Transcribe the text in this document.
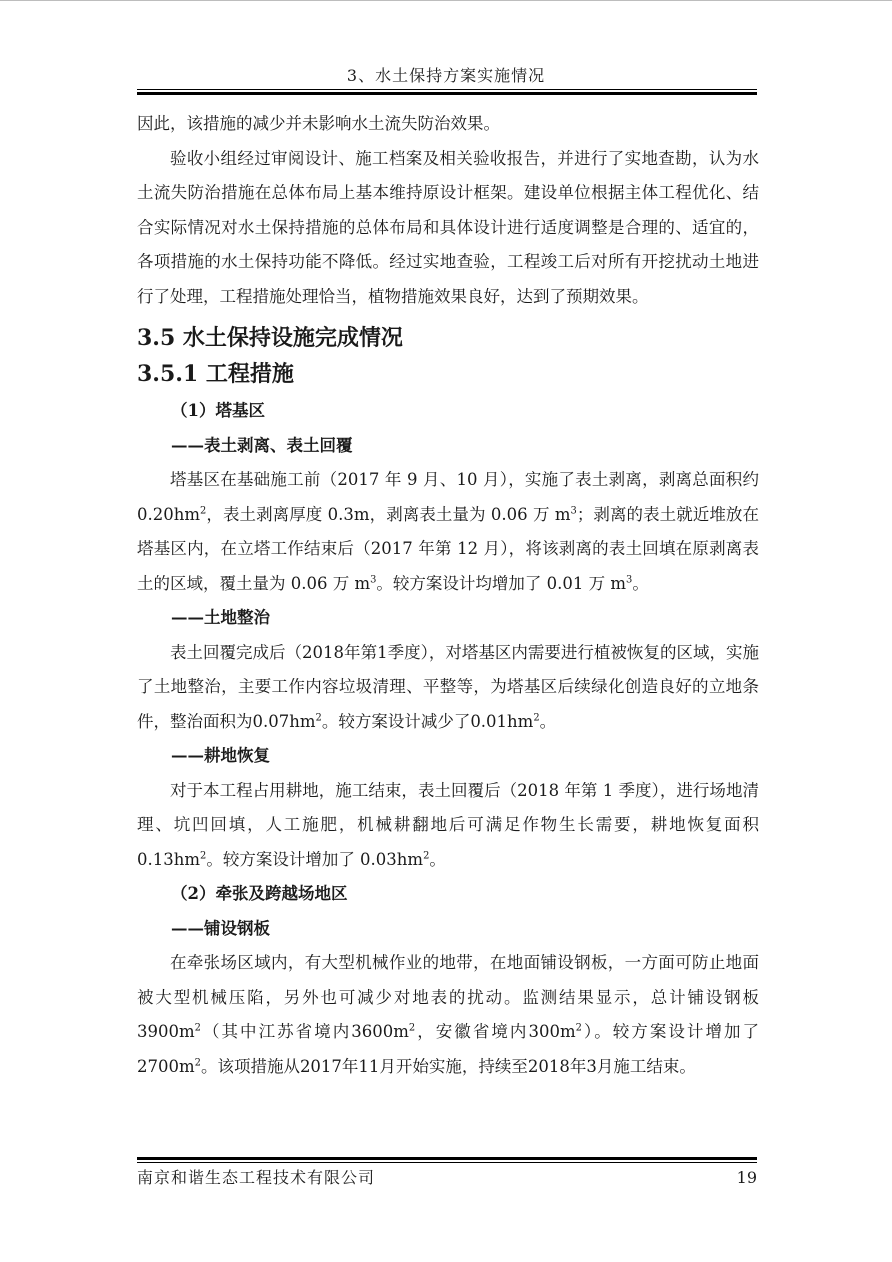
3、水土保持方案实施情况

因此，该措施的减少并未影响水土流失防治效果。

验收小组经过审阅设计、施工档案及相关验收报告，并进行了实地查勘，认为水土流失防治措施在总体布局上基本维持原设计框架。建设单位根据主体工程优化、结合实际情况对水土保持措施的总体布局和具体设计进行适度调整是合理的、适宜的，各项措施的水土保持功能不降低。经过实地查验，工程竣工后对所有开挖扰动土地进行了处理，工程措施处理恰当，植物措施效果良好，达到了预期效果。

3.5 水土保持设施完成情况
3.5.1 工程措施
（1）塔基区
——表土剥离、表土回覆

塔基区在基础施工前（2017 年 9 月、10 月），实施了表土剥离，剥离总面积约 $0.20hm^2$，表土剥离厚度 0.3m，剥离表土量为 0.06 万 $m^3$；剥离的表土就近堆放在塔基区内，在立塔工作结束后（2017 年第 12 月），将该剥离的表土回填在原剥离表土的区域，覆土量为 0.06 万 $m^3$。较方案设计均增加了 0.01 万 $m^3$。

——土地整治

表土回覆完成后（2018年第1季度），对塔基区内需要进行植被恢复的区域，实施了土地整治，主要工作内容垃圾清理、平整等，为塔基区后续绿化创造良好的立地条件，整治面积为$0.07hm^2$。较方案设计减少了$0.01hm^2$。

——耕地恢复

对于本工程占用耕地，施工结束，表土回覆后（2018 年第 1 季度），进行场地清理、坑凹回填，人工施肥，机械耕翻地后可满足作物生长需要，耕地恢复面积 $0.13hm^2$。较方案设计增加了 $0.03hm^2$。

（2）牵张及跨越场地区
——铺设钢板

在牵张场区域内，有大型机械作业的地带，在地面铺设钢板，一方面可防止地面被大型机械压陷，另外也可减少对地表的扰动。监测结果显示，总计铺设钢板$3900m^2$（其中江苏省境内$3600m^2$，安徽省境内$300m^2$）。较方案设计增加了$2700m^2$。该项措施从2017年11月开始实施，持续至2018年3月施工结束。

南京和谐生态工程技术有限公司	19
